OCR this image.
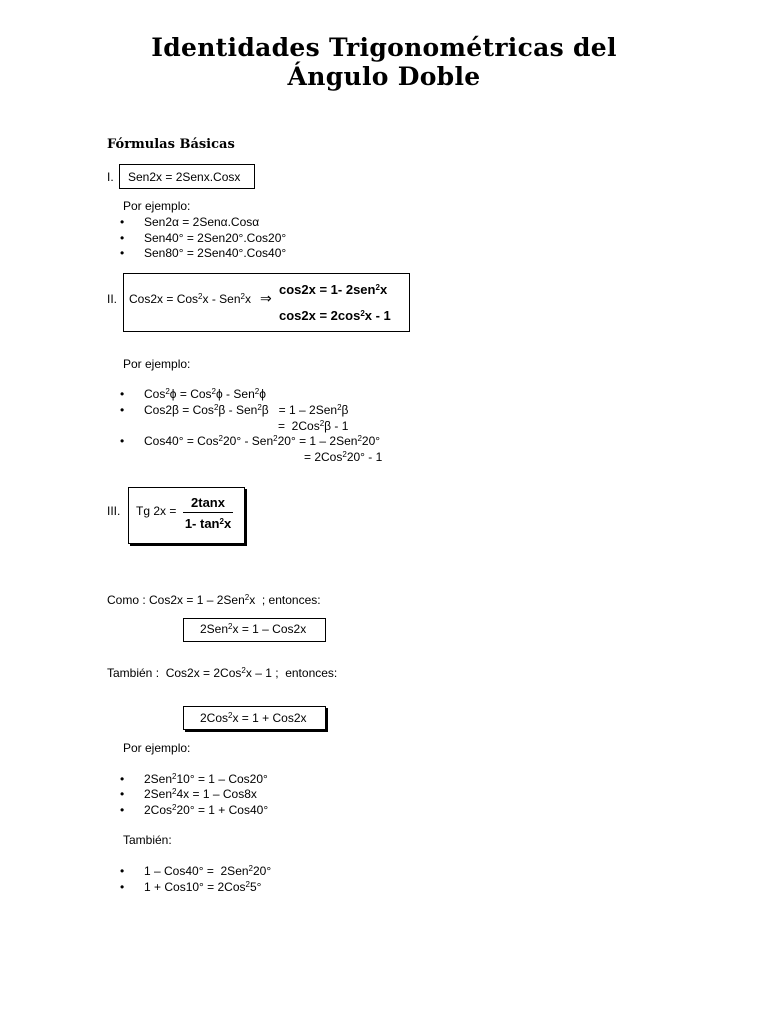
Identidades Trigonométricas del
Ángulo Doble
Fórmulas Básicas
I. Sen2x = 2Senx.Cosx
Por ejemplo:
• Sen2α = 2Senα.Cosα
• Sen40° = 2Sen20°.Cos20°
• Sen80° = 2Sen40°.Cos40°
II. Cos2x = Cos$^2$x - Sen$^2$x ⇒
cos2x = 1- 2sen$^2$x
$\cos 2x = 2\cos^2x - 1$
Por ejemplo:
• Cos$^2$ϕ = Cos$^2$ϕ - Sen$^2$ϕ
• Cos2β = Cos$^2$β - Sen$^2$β   = 1 – 2Sen$^2$β
=  2Cos$^2$β - 1
• Cos40° = Cos$^2$20° - Sen$^2$20° = 1 – 2Sen$^2$20°
= 2Cos$^2$20° - 1
III. Tg 2x =
2tanx
1- $\tan^2x$
Como : Cos2x = 1 – 2Sen$^2$x  ; entonces:
2Sen$^2$x = 1 – Cos2x
También :  Cos2x = 2Cos$^2$x – 1 ;  entonces:
2Cos$^2$x = 1 + Cos2x
Por ejemplo:
• 2Sen$^2$10° = 1 – Cos20°
• 2Sen$^2$4x = 1 – Cos8x
• 2Cos$^2$20° = 1 + Cos40°
También:
• 1 – Cos40° =  2Sen$^2$20°
• 1 + Cos10° = 2Cos$^2$5°
